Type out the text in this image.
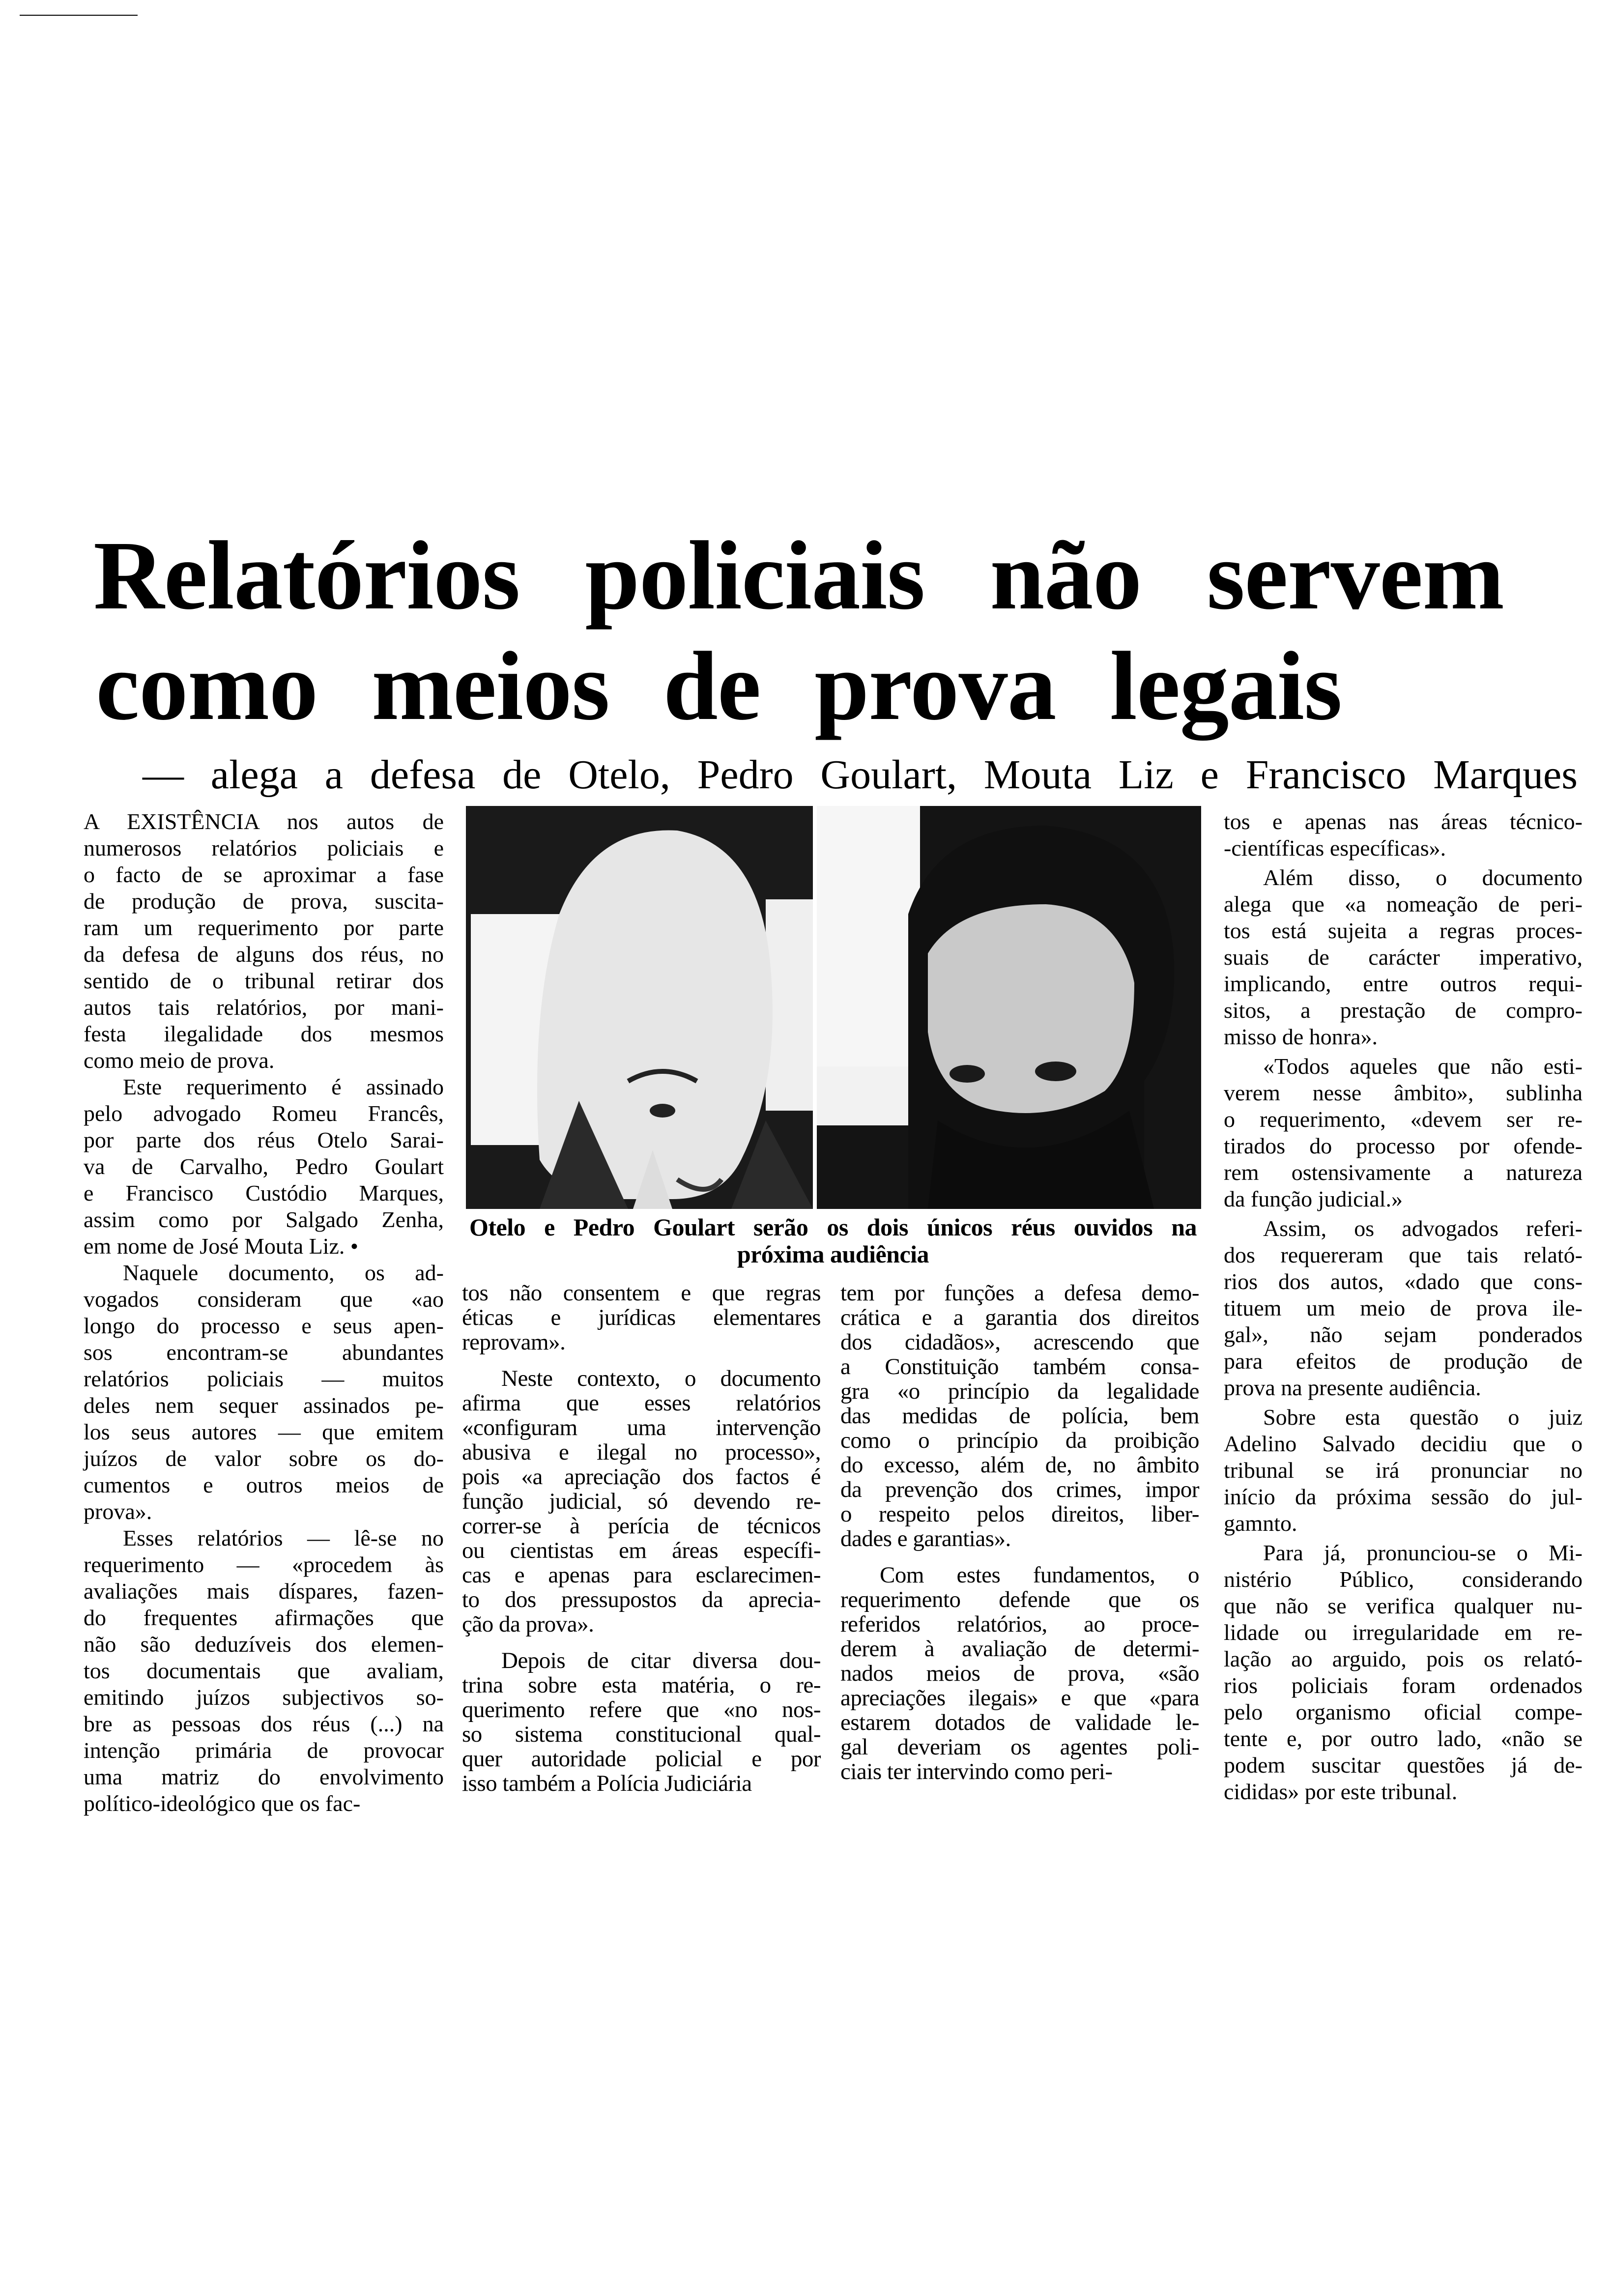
Relatórios policiais não servem
como meios de prova legais
— alega a defesa de Otelo, Pedro Goulart, Mouta Liz e Francisco Marques
Otelo e Pedro Goulart serão os dois únicos réus ouvidos na
próxima audiência
A EXISTÊNCIA nos autos de
numerosos relatórios policiais e
o facto de se aproximar a fase
de produção de prova, suscita-
ram um requerimento por parte
da defesa de alguns dos réus, no
sentido de o tribunal retirar dos
autos tais relatórios, por mani-
festa ilegalidade dos mesmos
como meio de prova.
Este requerimento é assinado
pelo advogado Romeu Francês,
por parte dos réus Otelo Sarai-
va de Carvalho, Pedro Goulart
e Francisco Custódio Marques,
assim como por Salgado Zenha,
em nome de José Mouta Liz. •
Naquele documento, os ad-
vogados consideram que «ao
longo do processo e seus apen-
sos encontram-se abundantes
relatórios policiais — muitos
deles nem sequer assinados pe-
los seus autores — que emitem
juízos de valor sobre os do-
cumentos e outros meios de
prova».
Esses relatórios — lê-se no
requerimento — «procedem às
avaliações mais díspares, fazen-
do frequentes afirmações que
não são deduzíveis dos elemen-
tos documentais que avaliam,
emitindo juízos subjectivos so-
bre as pessoas dos réus (...) na
intenção primária de provocar
uma matriz do envolvimento
político-ideológico que os fac-
tos não consentem e que regras
éticas e jurídicas elementares
reprovam».
Neste contexto, o documento
afirma que esses relatórios
«configuram uma intervenção
abusiva e ilegal no processo»,
pois «a apreciação dos factos é
função judicial, só devendo re-
correr-se à perícia de técnicos
ou cientistas em áreas específi-
cas e apenas para esclarecimen-
to dos pressupostos da aprecia-
ção da prova».
Depois de citar diversa dou-
trina sobre esta matéria, o re-
querimento refere que «no nos-
so sistema constitucional qual-
quer autoridade policial e por
isso também a Polícia Judiciária
tem por funções a defesa demo-
crática e a garantia dos direitos
dos cidadãos», acrescendo que
a Constituição também consa-
gra «o princípio da legalidade
das medidas de polícia, bem
como o princípio da proibição
do excesso, além de, no âmbito
da prevenção dos crimes, impor
o respeito pelos direitos, liber-
dades e garantias».
Com estes fundamentos, o
requerimento defende que os
referidos relatórios, ao proce-
derem à avaliação de determi-
nados meios de prova, «são
apreciações ilegais» e que «para
estarem dotados de validade le-
gal deveriam os agentes poli-
ciais ter intervindo como peri-
tos e apenas nas áreas técnico-
-científicas específicas».
Além disso, o documento
alega que «a nomeação de peri-
tos está sujeita a regras proces-
suais de carácter imperativo,
implicando, entre outros requi-
sitos, a prestação de compro-
misso de honra».
«Todos aqueles que não esti-
verem nesse âmbito», sublinha
o requerimento, «devem ser re-
tirados do processo por ofende-
rem ostensivamente a natureza
da função judicial.»
Assim, os advogados referi-
dos requereram que tais relató-
rios dos autos, «dado que cons-
tituem um meio de prova ile-
gal», não sejam ponderados
para efeitos de produção de
prova na presente audiência.
Sobre esta questão o juiz
Adelino Salvado decidiu que o
tribunal se irá pronunciar no
início da próxima sessão do jul-
gamnto.
Para já, pronunciou-se o Mi-
nistério Público, considerando
que não se verifica qualquer nu-
lidade ou irregularidade em re-
lação ao arguido, pois os relató-
rios policiais foram ordenados
pelo organismo oficial compe-
tente e, por outro lado, «não se
podem suscitar questões já de-
cididas» por este tribunal.
